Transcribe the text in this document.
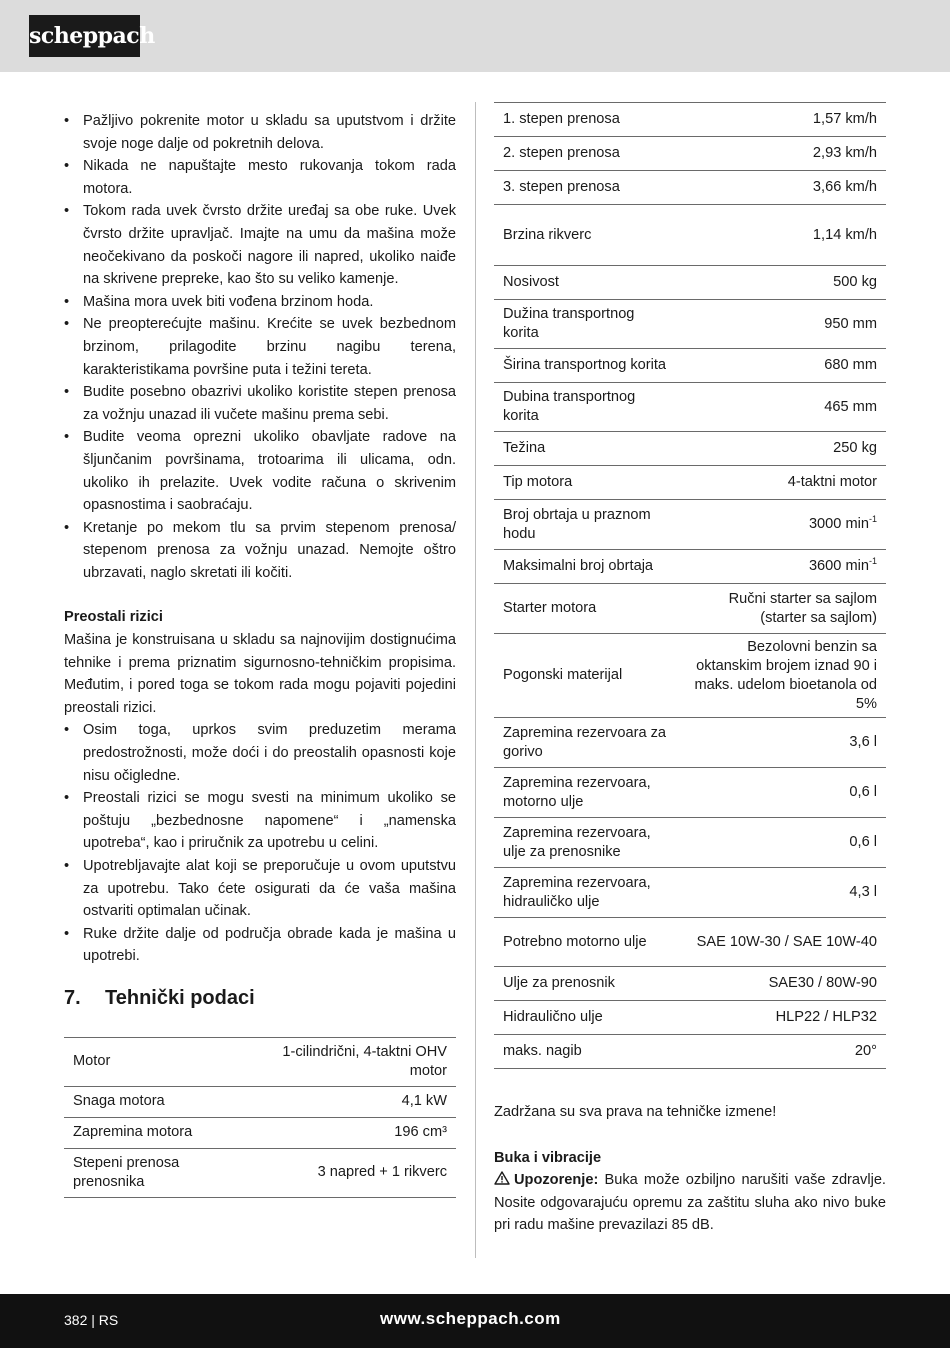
scheppach
• Pažljivo pokrenite motor u skladu sa uputstvom i držite svoje noge dalje od pokretnih delova.
• Nikada ne napuštajte mesto rukovanja tokom rada motora.
• Tokom rada uvek čvrsto držite uređaj sa obe ruke. Uvek čvrsto držite upravljač. Imajte na umu da mašina može neočekivano da poskoči nagore ili napred, ukoliko naiđe na skrivene prepreke, kao što su veliko kamenje.
• Mašina mora uvek biti vođena brzinom hoda.
• Ne preopterećujte mašinu. Krećite se uvek bezbednom brzinom, prilagodite brzinu nagibu terena, karakteristikama površine puta i težini tereta.
• Budite posebno obazrivi ukoliko koristite stepen prenosa za vožnju unazad ili vučete mašinu prema sebi.
• Budite veoma oprezni ukoliko obavljate radove na šljunčanim površinama, trotoarima ili ulicama, odn. ukoliko ih prelazite. Uvek vodite računa o skrivenim opasnostima i saobraćaju.
• Kretanje po mekom tlu sa prvim stepenom prenosa/ stepenom prenosa za vožnju unazad. Nemojte oštro ubrzavati, naglo skretati ili kočiti.
Preostali rizici

Mašina je konstruisana u skladu sa najnovijim dostignućima tehnike i prema priznatim sigurnosno-tehničkim propisima. Međutim, i pored toga se tokom rada mogu pojaviti pojedini preostali rizici.

• Osim toga, uprkos svim preduzetim merama predostrožnosti, može doći i do preostalih opasnosti koje nisu očigledne.
• Preostali rizici se mogu svesti na minimum ukoliko se poštuju „bezbednosne napomene“ i „namenska upotreba“, kao i priručnik za upotrebu u celini.
• Upotrebljavajte alat koji se preporučuje u ovom uputstvu za upotrebu. Tako ćete osigurati da će vaša mašina ostvariti optimalan učinak.
• Ruke držite dalje od područja obrade kada je mašina u upotrebi.
7.	Tehnički podaci
Motor	1-cilindrični, 4-taktni OHV motor
Snaga motora	4,1 kW
Zapremina motora	196 cm³
Stepeni prenosa prenosnika	3 napred + 1 rikverc
1. stepen prenosa	1,57 km/h
2. stepen prenosa	2,93 km/h
3. stepen prenosa	3,66 km/h
Brzina rikverc	1,14 km/h
Nosivost	500 kg
Dužina transportnog korita	950 mm
Širina transportnog korita	680 mm
Dubina transportnog korita	465 mm
Težina	250 kg
Tip motora	4-taktni motor
Broj obrtaja u praznom hodu	3000 $\min^{-1}$
Maksimalni broj obrtaja	3600 $\min^{-1}$
Starter motora	Ručni starter sa sajlom (starter sa sajlom)
Pogonski materijal	Bezolovni benzin sa oktanskim brojem iznad 90 i maks. udelom bioetanola od 5%
Zapremina rezervoara za gorivo	3,6 l
Zapremina rezervoara, motorno ulje	0,6 l
Zapremina rezervoara, ulje za prenosnike	0,6 l
Zapremina rezervoara, hidrauličko ulje	4,3 l
Potrebno motorno ulje	SAE 10W-30 / SAE 10W-40
Ulje za prenosnik	SAE30 / 80W-90
Hidraulično ulje	HLP22 / HLP32
maks. nagib	20°

Zadržana su sva prava na tehničke izmene!

Buka i vibracije

Upozorenje: Buka može ozbiljno narušiti vaše zdravlje. Nosite odgovarajuću opremu za zaštitu sluha ako nivo buke pri radu mašine prevazilazi 85 dB.

382 | RS	www.scheppach.com
